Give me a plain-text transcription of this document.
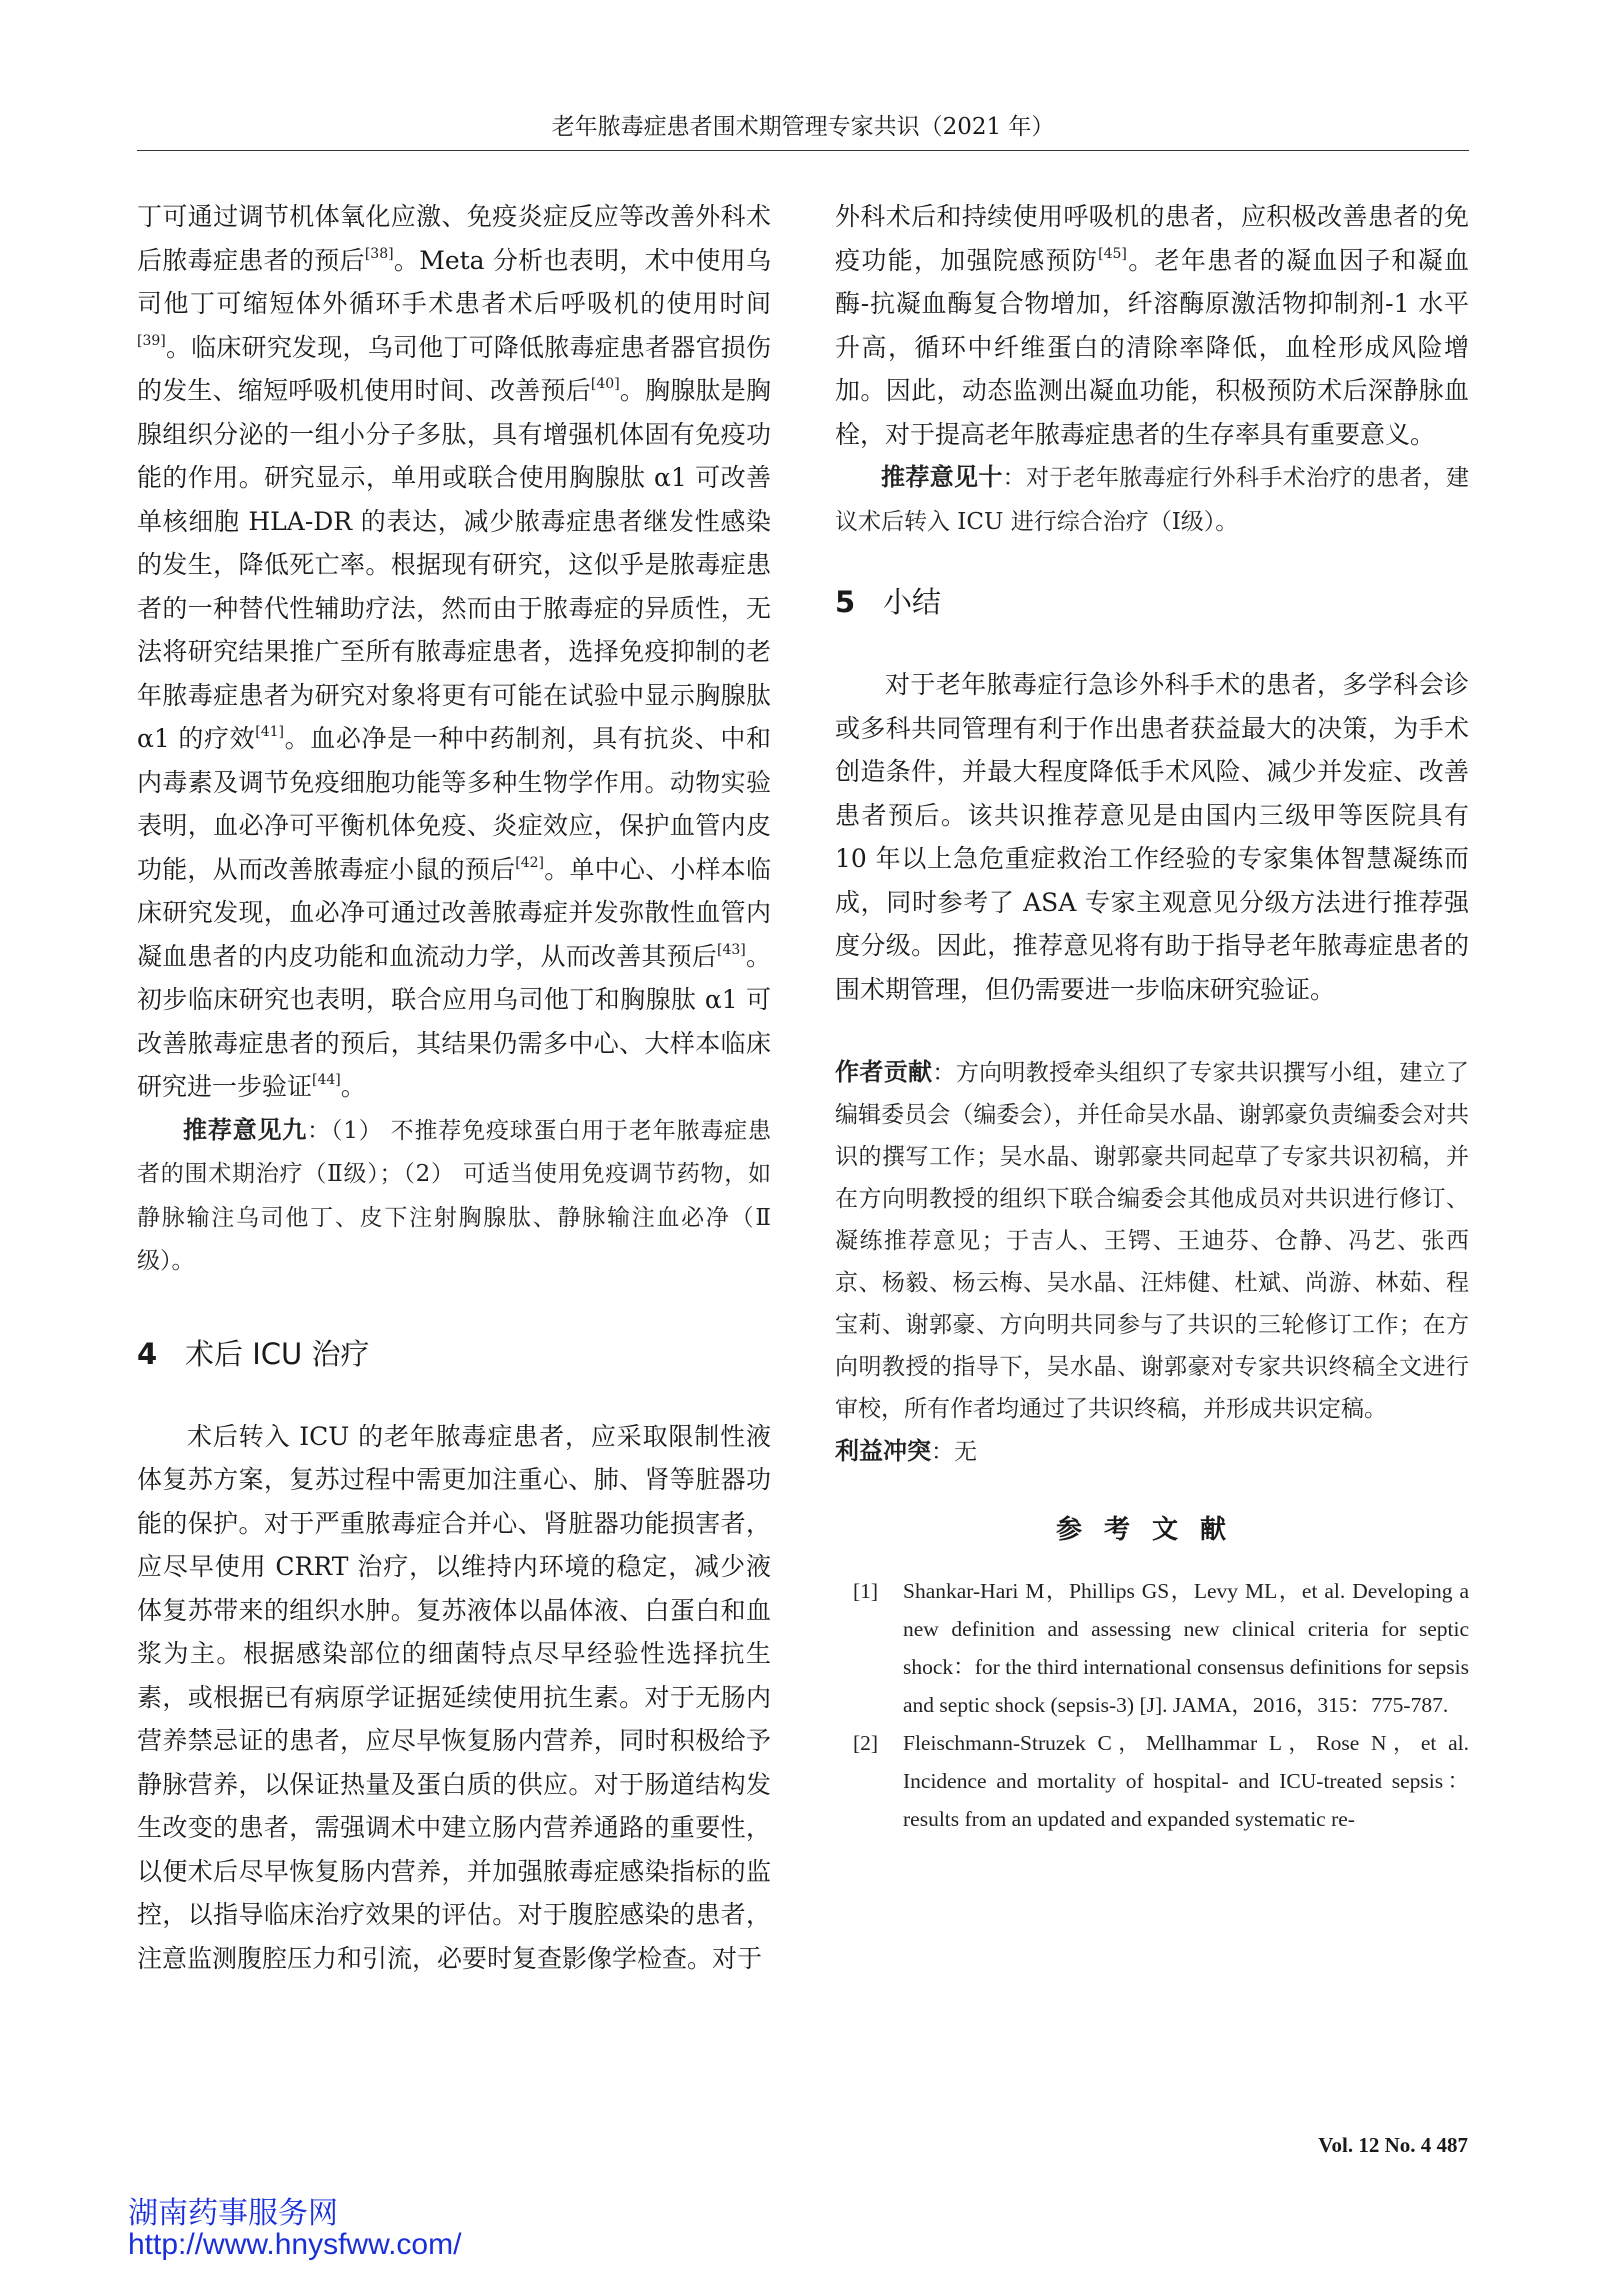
老年脓毒症患者围术期管理专家共识（2021 年）

丁可通过调节机体氧化应激、免疫炎症反应等改善外科术后脓毒症患者的预后[38]。Meta 分析也表明，术中使用乌司他丁可缩短体外循环手术患者术后呼吸机的使用时间[39]。临床研究发现，乌司他丁可降低脓毒症患者器官损伤的发生、缩短呼吸机使用时间、改善预后[40]。胸腺肽是胸腺组织分泌的一组小分子多肽，具有增强机体固有免疫功能的作用。研究显示，单用或联合使用胸腺肽 α1 可改善单核细胞 HLA-DR 的表达，减少脓毒症患者继发性感染的发生，降低死亡率。根据现有研究，这似乎是脓毒症患者的一种替代性辅助疗法，然而由于脓毒症的异质性，无法将研究结果推广至所有脓毒症患者，选择免疫抑制的老年脓毒症患者为研究对象将更有可能在试验中显示胸腺肽 α1 的疗效[41]。血必净是一种中药制剂，具有抗炎、中和内毒素及调节免疫细胞功能等多种生物学作用。动物实验表明，血必净可平衡机体免疫、炎症效应，保护血管内皮功能，从而改善脓毒症小鼠的预后[42]。单中心、小样本临床研究发现，血必净可通过改善脓毒症并发弥散性血管内凝血患者的内皮功能和血流动力学，从而改善其预后[43]。初步临床研究也表明，联合应用乌司他丁和胸腺肽 α1 可改善脓毒症患者的预后，其结果仍需多中心、大样本临床研究进一步验证[44]。

推荐意见九：（1） 不推荐免疫球蛋白用于老年脓毒症患者的围术期治疗（Ⅱ级）；（2） 可适当使用免疫调节药物，如静脉输注乌司他丁、皮下注射胸腺肽、静脉输注血必净（Ⅱ级）。

4 术后 ICU 治疗

术后转入 ICU 的老年脓毒症患者，应采取限制性液体复苏方案，复苏过程中需更加注重心、肺、肾等脏器功能的保护。对于严重脓毒症合并心、肾脏器功能损害者，应尽早使用 CRRT 治疗，以维持内环境的稳定，减少液体复苏带来的组织水肿。复苏液体以晶体液、白蛋白和血浆为主。根据感染部位的细菌特点尽早经验性选择抗生素，或根据已有病原学证据延续使用抗生素。对于无肠内营养禁忌证的患者，应尽早恢复肠内营养，同时积极给予静脉营养，以保证热量及蛋白质的供应。对于肠道结构发生改变的患者，需强调术中建立肠内营养通路的重要性，以便术后尽早恢复肠内营养，并加强脓毒症感染指标的监控，以指导临床治疗效果的评估。对于腹腔感染的患者，注意监测腹腔压力和引流，必要时复查影像学检查。对于

外科术后和持续使用呼吸机的患者，应积极改善患者的免疫功能，加强院感预防[45]。老年患者的凝血因子和凝血酶-抗凝血酶复合物增加，纤溶酶原激活物抑制剂-1 水平升高，循环中纤维蛋白的清除率降低，血栓形成风险增加。因此，动态监测出凝血功能，积极预防术后深静脉血栓，对于提高老年脓毒症患者的生存率具有重要意义。

推荐意见十：对于老年脓毒症行外科手术治疗的患者，建议术后转入 ICU 进行综合治疗（Ⅰ级）。

5 小结

对于老年脓毒症行急诊外科手术的患者，多学科会诊或多科共同管理有利于作出患者获益最大的决策，为手术创造条件，并最大程度降低手术风险、减少并发症、改善患者预后。该共识推荐意见是由国内三级甲等医院具有 10 年以上急危重症救治工作经验的专家集体智慧凝练而成，同时参考了 ASA 专家主观意见分级方法进行推荐强度分级。因此，推荐意见将有助于指导老年脓毒症患者的围术期管理，但仍需要进一步临床研究验证。

作者贡献：方向明教授牵头组织了专家共识撰写小组，建立了编辑委员会（编委会），并任命吴水晶、谢郭豪负责编委会对共识的撰写工作；吴水晶、谢郭豪共同起草了专家共识初稿，并在方向明教授的组织下联合编委会其他成员对共识进行修订、凝练推荐意见；于吉人、王锷、王迪芬、仓静、冯艺、张西京、杨毅、杨云梅、吴水晶、汪炜健、杜斌、尚游、林茹、程宝莉、谢郭豪、方向明共同参与了共识的三轮修订工作；在方向明教授的指导下，吴水晶、谢郭豪对专家共识终稿全文进行审校，所有作者均通过了共识终稿，并形成共识定稿。

利益冲突：无

参考文献

[1] Shankar-Hari M，Phillips GS，Levy ML，et al. Developing a new definition and assessing new clinical criteria for septic shock：for the third international consensus definitions for sepsis and septic shock (sepsis-3) [J]. JAMA，2016，315：775-787.

[2] Fleischmann-Struzek C，Mellhammar L，Rose N，et al. Incidence and mortality of hospital- and ICU-treated sepsis：results from an updated and expanded systematic re-

Vol. 12 No. 4 487
湖南药事服务网
http://www.hnysfww.com/
